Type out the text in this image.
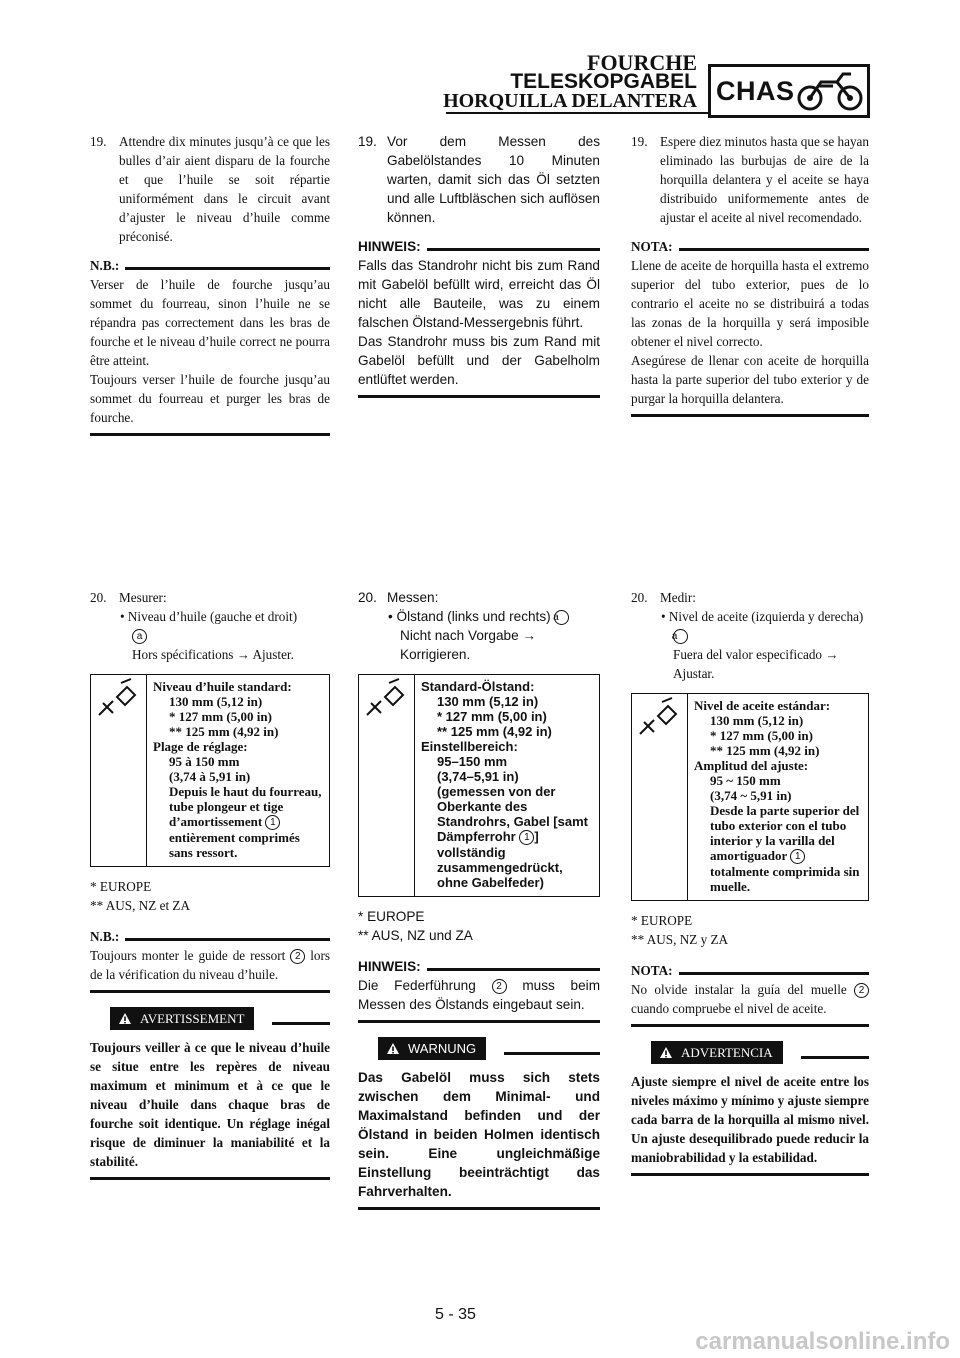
FOURCHE
TELESKOPGABEL
HORQUILLA DELANTERA CHAS
19. Attendre dix minutes jusqu’à ce que les bulles d’air aient disparu de la fourche et que l’huile se soit répartie uniformément dans le circuit avant d’ajuster le niveau d’huile comme préconisé.
N.B.:
Verser de l’huile de fourche jusqu’au sommet du fourreau, sinon l’huile ne se répandra pas correctement dans les bras de fourche et le niveau d’huile correct ne pourra être atteint.
Toujours verser l’huile de fourche jusqu’au sommet du fourreau et purger les bras de fourche.
20. Mesurer:
• Niveau d’huile (gauche et droit)
a
Hors spécifications → Ajuster.
Niveau d’huile standard:
130 mm (5,12 in)
* 127 mm (5,00 in)
** 125 mm (4,92 in)
Plage de réglage:
95 à 150 mm
(3,74 à 5,91 in)
Depuis le haut du fourreau, tube plongeur et tige d’amortissement 1 entièrement comprimés sans ressort.
* EUROPE
** AUS, NZ et ZA
N.B.:
Toujours monter le guide de ressort 2 lors de la vérification du niveau d’huile.
AVERTISSEMENT
Toujours veiller à ce que le niveau d’huile se situe entre les repères de niveau maximum et minimum et à ce que le niveau d’huile dans chaque bras de fourche soit identique. Un réglage inégal risque de diminuer la maniabilité et la stabilité.
19. Vor dem Messen des Gabelölstandes 10 Minuten warten, damit sich das Öl setzten und alle Luftbläschen sich auflösen können.
HINWEIS:
Falls das Standrohr nicht bis zum Rand mit Gabelöl befüllt wird, erreicht das Öl nicht alle Bauteile, was zu einem falschen Ölstand-Messergebnis führt.
Das Standrohr muss bis zum Rand mit Gabelöl befüllt und der Gabelholm entlüftet werden.
20. Messen:
• Ölstand (links und rechts) a
Nicht nach Vorgabe → Korrigieren.
Standard-Ölstand:
130 mm (5,12 in)
* 127 mm (5,00 in)
** 125 mm (4,92 in)
Einstellbereich:
95–150 mm
(3,74–5,91 in)
(gemessen von der Oberkante des Standrohrs, Gabel [samt Dämpferrohr 1 ] vollständig zusammengedrückt, ohne Gabelfeder)
* EUROPE
** AUS, NZ und ZA
HINWEIS:
Die Federführung 2 muss beim Messen des Ölstands eingebaut sein.
WARNUNG
Das Gabelöl muss sich stets zwischen dem Minimal- und Maximalstand befinden und der Ölstand in beiden Holmen identisch sein. Eine ungleichmäßige Einstellung beeinträchtigt das Fahrverhalten.
19. Espere diez minutos hasta que se hayan eliminado las burbujas de aire de la horquilla delantera y el aceite se haya distribuido uniformemente antes de ajustar el aceite al nivel recomendado.
NOTA:
Llene de aceite de horquilla hasta el extremo superior del tubo exterior, pues de lo contrario el aceite no se distribuirá a todas las zonas de la horquilla y será imposible obtener el nivel correcto.
Asegúrese de llenar con aceite de horquilla hasta la parte superior del tubo exterior y de purgar la horquilla delantera.
20. Medir:
• Nivel de aceite (izquierda y derecha) a
Fuera del valor especificado → Ajustar.
Nivel de aceite estándar:
130 mm (5,12 in)
* 127 mm (5,00 in)
** 125 mm (4,92 in)
Amplitud del ajuste:
95 ~ 150 mm
(3,74 ~ 5,91 in)
Desde la parte superior del tubo exterior con el tubo interior y la varilla del amortiguador 1 totalmente comprimida sin muelle.
* EUROPE
** AUS, NZ y ZA
NOTA:
No olvide instalar la guía del muelle 2 cuando compruebe el nivel de aceite.
ADVERTENCIA
Ajuste siempre el nivel de aceite entre los niveles máximo y mínimo y ajuste siempre cada barra de la horquilla al mismo nivel. Un ajuste desequilibrado puede reducir la maniobrabilidad y la estabilidad.
5 - 35
carmanualsonline.info
